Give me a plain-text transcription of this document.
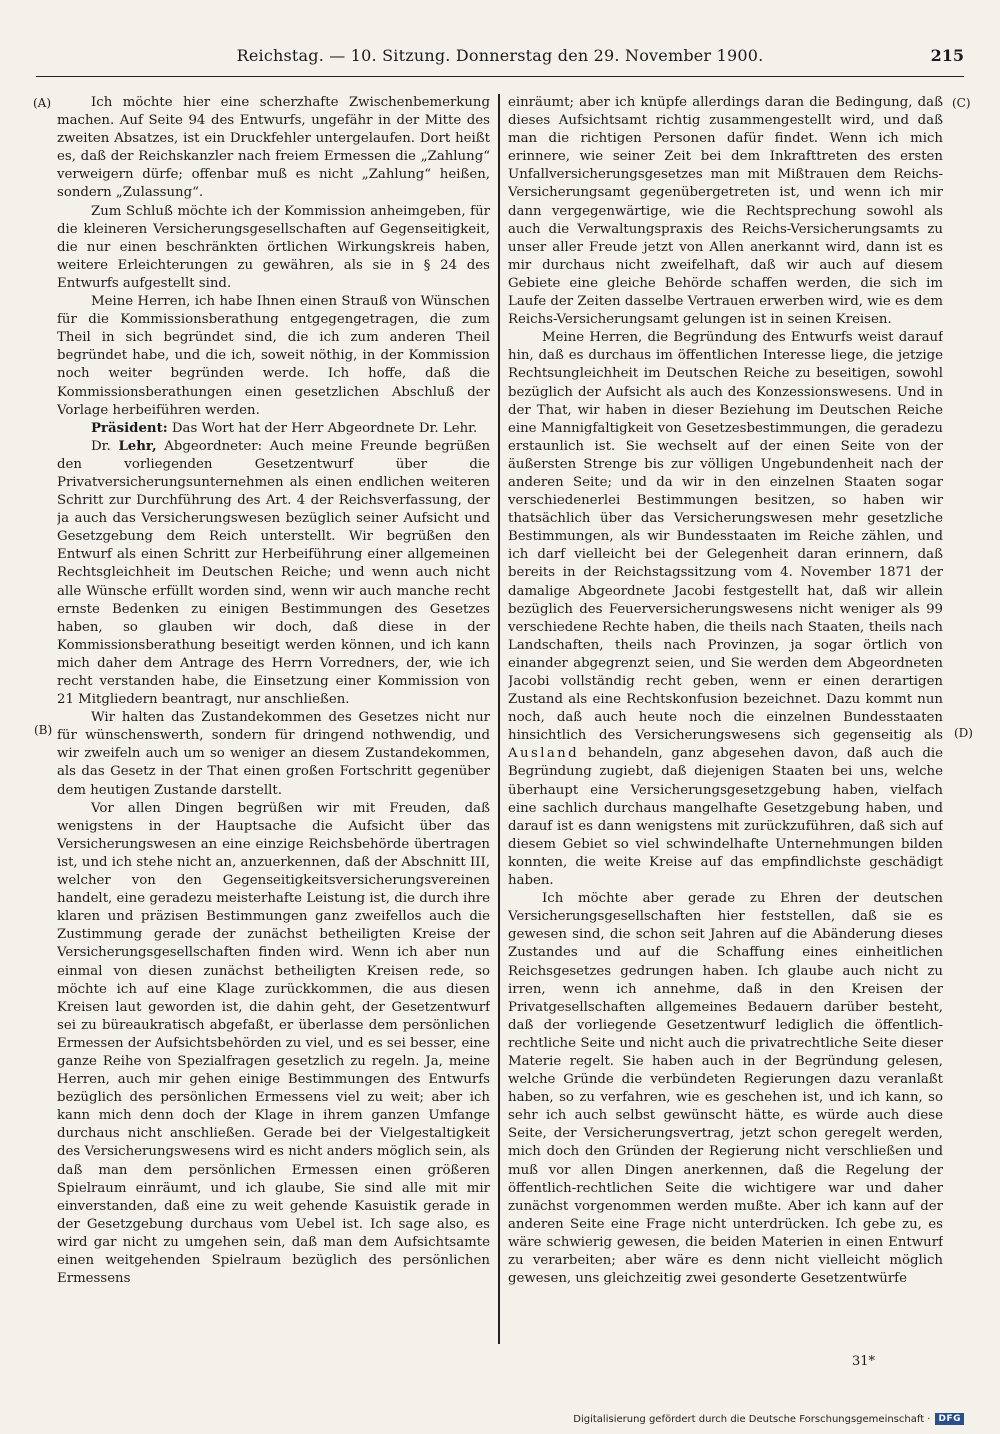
Reichstag. — 10. Sitzung. Donnerstag den 29. November 1900.	215
(A)
(B)
(C)
(D)

Ich möchte hier eine scherzhafte Zwischenbemerkung machen. Auf Seite 94 des Entwurfs, ungefähr in der Mitte des zweiten Absatzes, ist ein Druckfehler untergelaufen. Dort heißt es, daß der Reichskanzler nach freiem Ermessen die „Zahlung“ verweigern dürfe; offenbar muß es nicht „Zahlung“ heißen, sondern „Zulassung“.

Zum Schluß möchte ich der Kommission anheimgeben, für die kleineren Versicherungsgesellschaften auf Gegenseitigkeit, die nur einen beschränkten örtlichen Wirkungskreis haben, weitere Erleichterungen zu gewähren, als sie in § 24 des Entwurfs aufgestellt sind.

Meine Herren, ich habe Ihnen einen Strauß von Wünschen für die Kommissionsberathung entgegengetragen, die zum Theil in sich begründet sind, die ich zum anderen Theil begründet habe, und die ich, soweit nöthig, in der Kommission noch weiter begründen werde. Ich hoffe, daß die Kommissionsberathungen einen gesetzlichen Abschluß der Vorlage herbeiführen werden.

Präsident: Das Wort hat der Herr Abgeordnete Dr. Lehr.

Dr. Lehr, Abgeordneter: Auch meine Freunde begrüßen den vorliegenden Gesetzentwurf über die Privatversicherungsunternehmen als einen endlichen weiteren Schritt zur Durchführung des Art. 4 der Reichsverfassung, der ja auch das Versicherungswesen bezüglich seiner Aufsicht und Gesetzgebung dem Reich unterstellt. Wir begrüßen den Entwurf als einen Schritt zur Herbeiführung einer allgemeinen Rechtsgleichheit im Deutschen Reiche; und wenn auch nicht alle Wünsche erfüllt worden sind, wenn wir auch manche recht ernste Bedenken zu einigen Bestimmungen des Gesetzes haben, so glauben wir doch, daß diese in der Kommissionsberathung beseitigt werden können, und ich kann mich daher dem Antrage des Herrn Vorredners, der, wie ich recht verstanden habe, die Einsetzung einer Kommission von 21 Mitgliedern beantragt, nur anschließen.

Wir halten das Zustandekommen des Gesetzes nicht nur für wünschenswerth, sondern für dringend nothwendig, und wir zweifeln auch um so weniger an diesem Zustandekommen, als das Gesetz in der That einen großen Fortschritt gegenüber dem heutigen Zustande darstellt.

Vor allen Dingen begrüßen wir mit Freuden, daß wenigstens in der Hauptsache die Aufsicht über das Versicherungswesen an eine einzige Reichsbehörde übertragen ist, und ich stehe nicht an, anzuerkennen, daß der Abschnitt III, welcher von den Gegenseitigkeitsversicherungsvereinen handelt, eine geradezu meisterhafte Leistung ist, die durch ihre klaren und präzisen Bestimmungen ganz zweifellos auch die Zustimmung gerade der zunächst betheiligten Kreise der Versicherungsgesellschaften finden wird. Wenn ich aber nun einmal von diesen zunächst betheiligten Kreisen rede, so möchte ich auf eine Klage zurückkommen, die aus diesen Kreisen laut geworden ist, die dahin geht, der Gesetzentwurf sei zu büreaukratisch abgefaßt, er überlasse dem persönlichen Ermessen der Aufsichtsbehörden zu viel, und es sei besser, eine ganze Reihe von Spezialfragen gesetzlich zu regeln. Ja, meine Herren, auch mir gehen einige Bestimmungen des Entwurfs bezüglich des persönlichen Ermessens viel zu weit; aber ich kann mich denn doch der Klage in ihrem ganzen Umfange durchaus nicht anschließen. Gerade bei der Vielgestaltigkeit des Versicherungswesens wird es nicht anders möglich sein, als daß man dem persönlichen Ermessen einen größeren Spielraum einräumt, und ich glaube, Sie sind alle mit mir einverstanden, daß eine zu weit gehende Kasuistik gerade in der Gesetzgebung durchaus vom Uebel ist. Ich sage also, es wird gar nicht zu umgehen sein, daß man dem Aufsichtsamte einen weitgehenden Spielraum bezüglich des persönlichen Ermessens

einräumt; aber ich knüpfe allerdings daran die Bedingung, daß dieses Aufsichtsamt richtig zusammengestellt wird, und daß man die richtigen Personen dafür findet. Wenn ich mich erinnere, wie seiner Zeit bei dem Inkrafttreten des ersten Unfallversicherungsgesetzes man mit Mißtrauen dem Reichs-Versicherungsamt gegenübergetreten ist, und wenn ich mir dann vergegenwärtige, wie die Rechtsprechung sowohl als auch die Verwaltungspraxis des Reichs-Versicherungsamts zu unser aller Freude jetzt von Allen anerkannt wird, dann ist es mir durchaus nicht zweifelhaft, daß wir auch auf diesem Gebiete eine gleiche Behörde schaffen werden, die sich im Laufe der Zeiten dasselbe Vertrauen erwerben wird, wie es dem Reichs-Versicherungsamt gelungen ist in seinen Kreisen.

Meine Herren, die Begründung des Entwurfs weist darauf hin, daß es durchaus im öffentlichen Interesse liege, die jetzige Rechtsungleichheit im Deutschen Reiche zu beseitigen, sowohl bezüglich der Aufsicht als auch des Konzessionswesens. Und in der That, wir haben in dieser Beziehung im Deutschen Reiche eine Mannigfaltigkeit von Gesetzesbestimmungen, die geradezu erstaunlich ist. Sie wechselt auf der einen Seite von der äußersten Strenge bis zur völligen Ungebundenheit nach der anderen Seite; und da wir in den einzelnen Staaten sogar verschiedenerlei Bestimmungen besitzen, so haben wir thatsächlich über das Versicherungswesen mehr gesetzliche Bestimmungen, als wir Bundesstaaten im Reiche zählen, und ich darf vielleicht bei der Gelegenheit daran erinnern, daß bereits in der Reichstagssitzung vom 4. November 1871 der damalige Abgeordnete Jacobi festgestellt hat, daß wir allein bezüglich des Feuerversicherungswesens nicht weniger als 99 verschiedene Rechte haben, die theils nach Staaten, theils nach Landschaften, theils nach Provinzen, ja sogar örtlich von einander abgegrenzt seien, und Sie werden dem Abgeordneten Jacobi vollständig recht geben, wenn er einen derartigen Zustand als eine Rechtskonfusion bezeichnet. Dazu kommt nun noch, daß auch heute noch die einzelnen Bundesstaaten hinsichtlich des Versicherungswesens sich gegenseitig als Ausland behandeln, ganz abgesehen davon, daß auch die Begründung zugiebt, daß diejenigen Staaten bei uns, welche überhaupt eine Versicherungsgesetzgebung haben, vielfach eine sachlich durchaus mangelhafte Gesetzgebung haben, und darauf ist es dann wenigstens mit zurückzuführen, daß sich auf diesem Gebiet so viel schwindelhafte Unternehmungen bilden konnten, die weite Kreise auf das empfindlichste geschädigt haben.

Ich möchte aber gerade zu Ehren der deutschen Versicherungsgesellschaften hier feststellen, daß sie es gewesen sind, die schon seit Jahren auf die Abänderung dieses Zustandes und auf die Schaffung eines einheitlichen Reichsgesetzes gedrungen haben. Ich glaube auch nicht zu irren, wenn ich annehme, daß in den Kreisen der Privatgesellschaften allgemeines Bedauern darüber besteht, daß der vorliegende Gesetzentwurf lediglich die öffentlich-rechtliche Seite und nicht auch die privatrechtliche Seite dieser Materie regelt. Sie haben auch in der Begründung gelesen, welche Gründe die verbündeten Regierungen dazu veranlaßt haben, so zu verfahren, wie es geschehen ist, und ich kann, so sehr ich auch selbst gewünscht hätte, es würde auch diese Seite, der Versicherungsvertrag, jetzt schon geregelt werden, mich doch den Gründen der Regierung nicht verschließen und muß vor allen Dingen anerkennen, daß die Regelung der öffentlich-rechtlichen Seite die wichtigere war und daher zunächst vorgenommen werden mußte. Aber ich kann auf der anderen Seite eine Frage nicht unterdrücken. Ich gebe zu, es wäre schwierig gewesen, die beiden Materien in einen Entwurf zu verarbeiten; aber wäre es denn nicht vielleicht möglich gewesen, uns gleichzeitig zwei gesonderte Gesetzentwürfe

31*
Digitalisierung gefördert durch die Deutsche Forschungsgemeinschaft · DFG
